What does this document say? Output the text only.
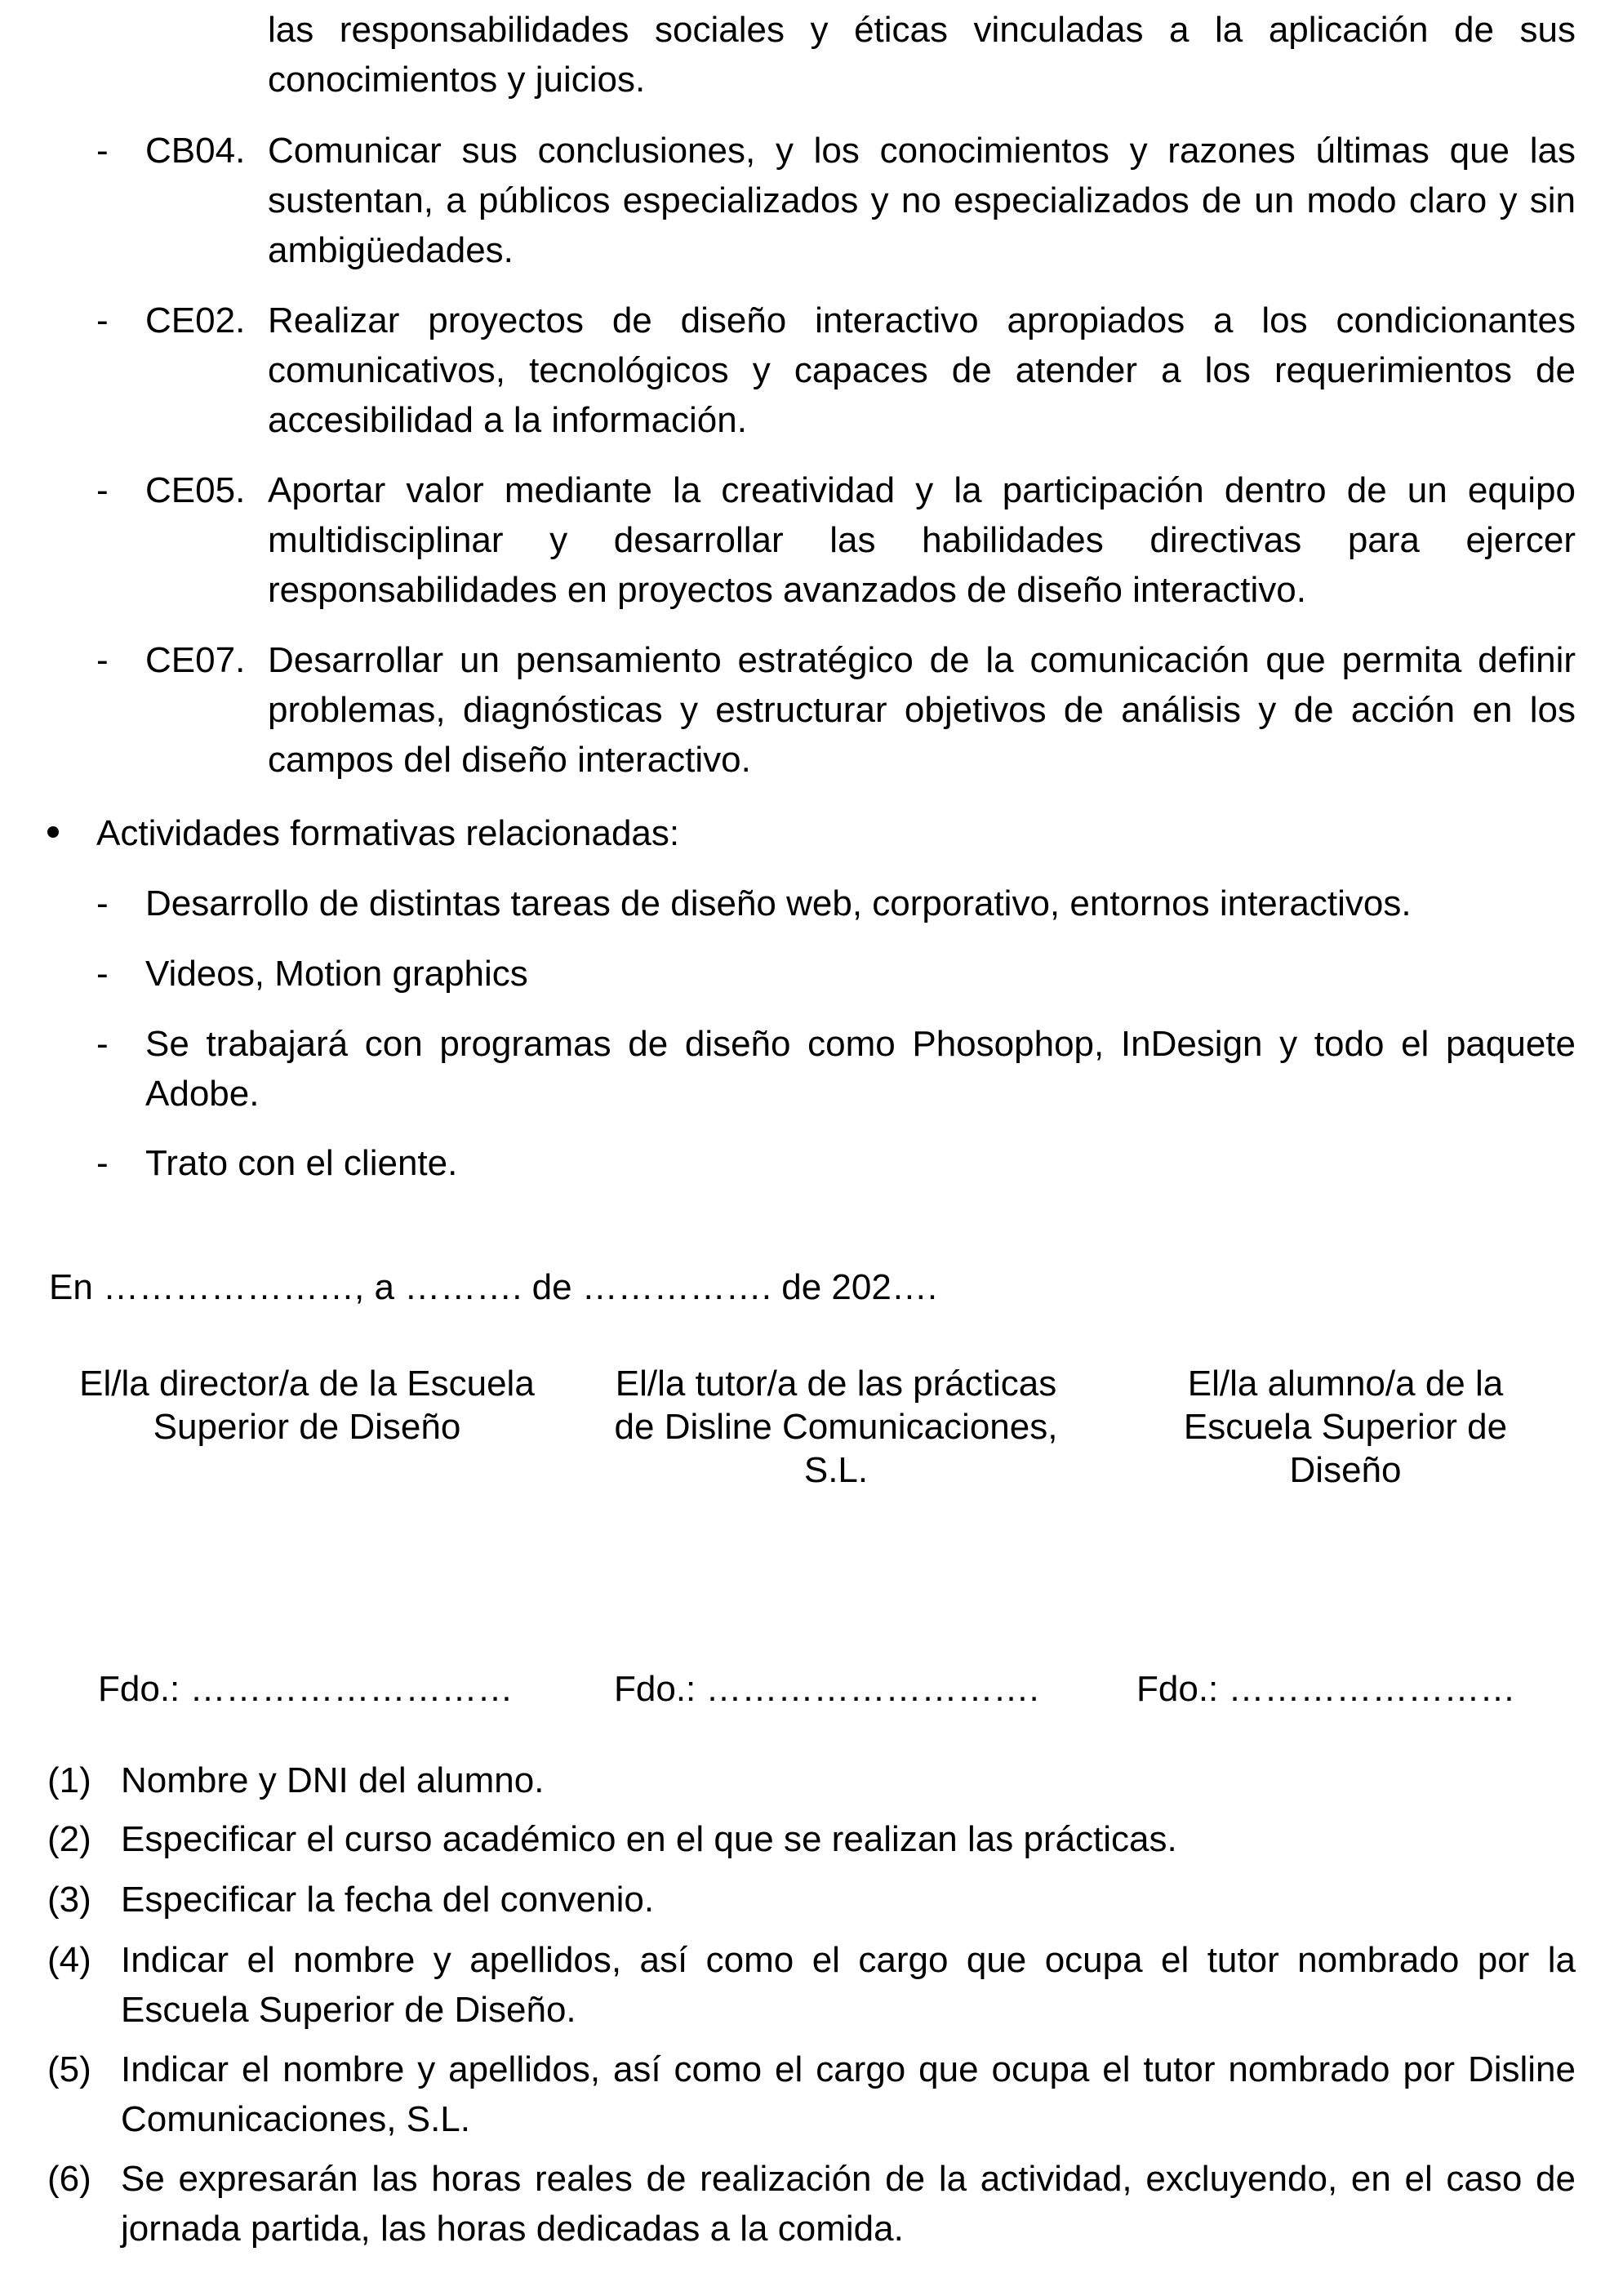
las responsabilidades sociales y éticas vinculadas a la aplicación de sus conocimientos y juicios.
- CB04. Comunicar sus conclusiones, y los conocimientos y razones últimas que las sustentan, a públicos especializados y no especializados de un modo claro y sin ambigüedades.
- CE02. Realizar proyectos de diseño interactivo apropiados a los condicionantes comunicativos, tecnológicos y capaces de atender a los requerimientos de accesibilidad a la información.
- CE05. Aportar valor mediante la creatividad y la participación dentro de un equipo multidisciplinar y desarrollar las habilidades directivas para ejercer responsabilidades en proyectos avanzados de diseño interactivo.
- CE07. Desarrollar un pensamiento estratégico de la comunicación que permita definir problemas, diagnósticas y estructurar objetivos de análisis y de acción en los campos del diseño interactivo.
Actividades formativas relacionadas:
- Desarrollo de distintas tareas de diseño web, corporativo, entornos interactivos.
- Videos, Motion graphics
- Se trabajará con programas de diseño como Phosophop, InDesign y todo el paquete Adobe.
- Trato con el cliente.
En …………………, a ………. de ……………. de 202….
El/la director/a de la Escuela Superior de Diseño
El/la tutor/a de las prácticas de Disline Comunicaciones, S.L.
El/la alumno/a de la Escuela Superior de Diseño
Fdo.: ………………………	Fdo.: ……………………….	Fdo.: ……………………
(1) Nombre y DNI del alumno.
(2) Especificar el curso académico en el que se realizan las prácticas.
(3) Especificar la fecha del convenio.
(4) Indicar el nombre y apellidos, así como el cargo que ocupa el tutor nombrado por la Escuela Superior de Diseño.
(5) Indicar el nombre y apellidos, así como el cargo que ocupa el tutor nombrado por Disline Comunicaciones, S.L.
(6) Se expresarán las horas reales de realización de la actividad, excluyendo, en el caso de jornada partida, las horas dedicadas a la comida.
